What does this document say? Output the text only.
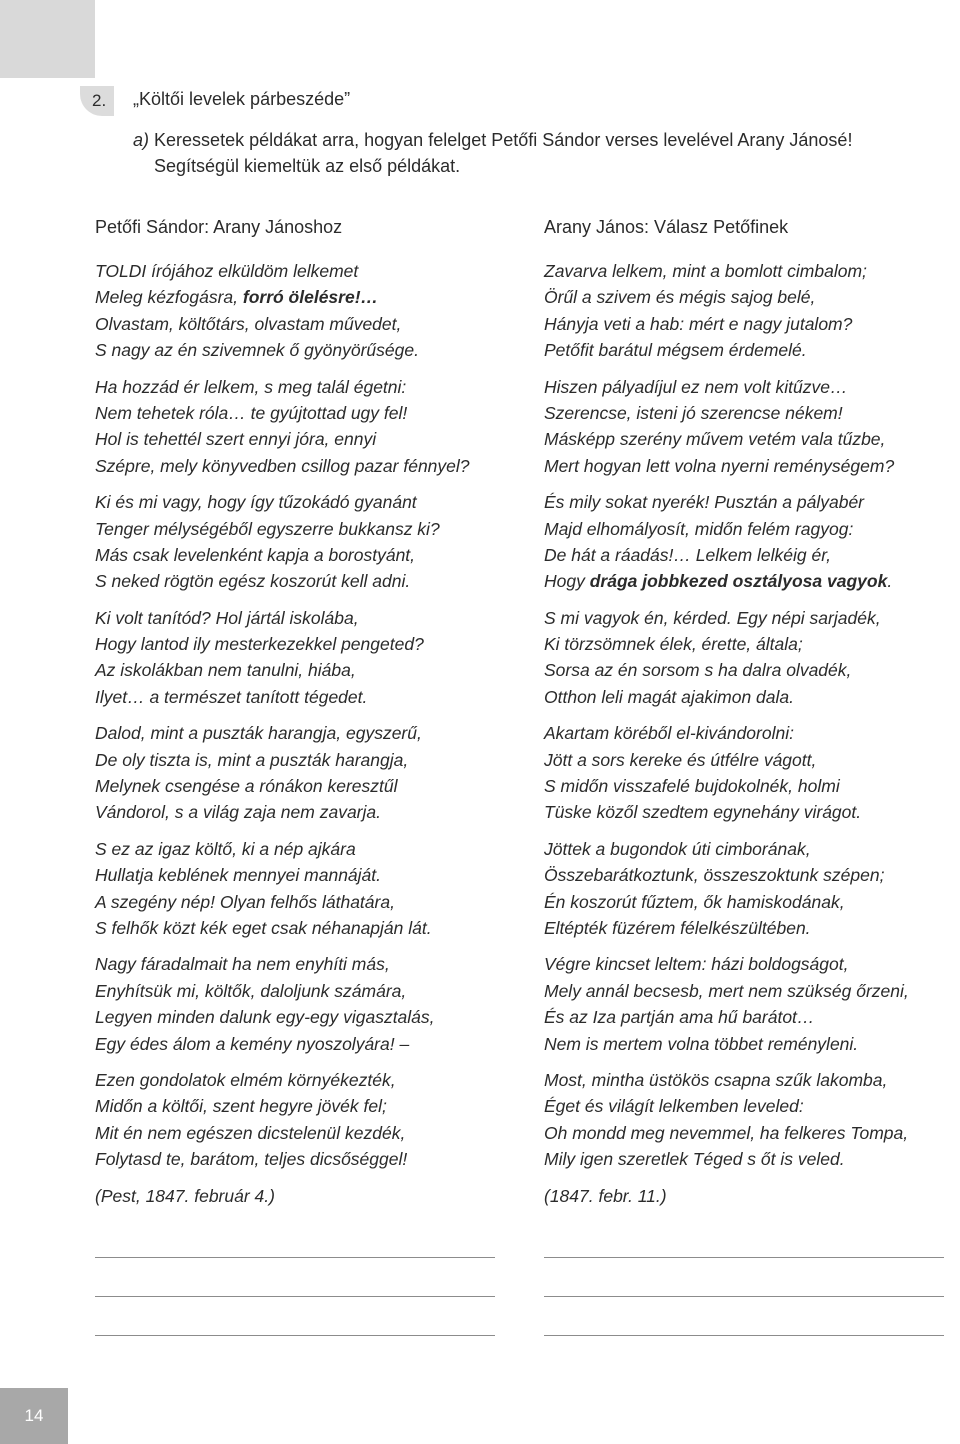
2.	„Költői levelek párbeszéde”
a) Keressetek példákat arra, hogyan felelget Petőfi Sándor verses levelével Arany Jánosé!
Segítségül kiemeltük az első példákat.
Petőfi Sándor: Arany Jánoshoz
TOLDI írójához elküldöm lelkemet
Meleg kézfogásra, forró ölelésre!…
Olvastam, költőtárs, olvastam művedet,
S nagy az én szivemnek ő gyönyörűsége.
Ha hozzád ér lelkem, s meg talál égetni:
Nem tehetek róla… te gyújtottad ugy fel!
Hol is tehettél szert ennyi jóra, ennyi
Szépre, mely könyvedben csillog pazar fénnyel?
Ki és mi vagy, hogy így tűzokádó gyanánt
Tenger mélységéből egyszerre bukkansz ki?
Más csak levelenként kapja a borostyánt,
S neked rögtön egész koszorút kell adni.
Ki volt tanítód? Hol jártál iskolába,
Hogy lantod ily mesterkezekkel pengeted?
Az iskolákban nem tanulni, hiába,
Ilyet… a természet tanított tégedet.
Dalod, mint a puszták harangja, egyszerű,
De oly tiszta is, mint a puszták harangja,
Melynek csengése a rónákon keresztűl
Vándorol, s a világ zaja nem zavarja.
S ez az igaz költő, ki a nép ajkára
Hullatja keblének mennyei mannáját.
A szegény nép! Olyan felhős láthatára,
S felhők közt kék eget csak néhanapján lát.
Nagy fáradalmait ha nem enyhíti más,
Enyhítsük mi, költők, daloljunk számára,
Legyen minden dalunk egy-egy vigasztalás,
Egy édes álom a kemény nyoszolyára! –
Ezen gondolatok elmém környékezték,
Midőn a költői, szent hegyre jövék fel;
Mit én nem egészen dicstelenül kezdék,
Folytasd te, barátom, teljes dicsőséggel!
(Pest, 1847. február 4.)
Arany János: Válasz Petőfinek
Zavarva lelkem, mint a bomlott cimbalom;
Örűl a szivem és mégis sajog belé,
Hányja veti a hab: mért e nagy jutalom?
Petőfit barátul mégsem érdemelé.
Hiszen pályadíjul ez nem volt kitűzve…
Szerencse, isteni jó szerencse nékem!
Másképp szerény művem vetém vala tűzbe,
Mert hogyan lett volna nyerni reménységem?
És mily sokat nyerék! Pusztán a pályabér
Majd elhomályosít, midőn felém ragyog:
De hát a ráadás!… Lelkem lelkéig ér,
Hogy drága jobbkezed osztályosa vagyok.
S mi vagyok én, kérded. Egy népi sarjadék,
Ki törzsömnek élek, érette, általa;
Sorsa az én sorsom s ha dalra olvadék,
Otthon leli magát ajakimon dala.
Akartam köréből el-kivándorolni:
Jött a sors kereke és útfélre vágott,
S midőn visszafelé bujdokolnék, holmi
Tüske közől szedtem egynehány virágot.
Jöttek a bugondok úti cimborának,
Összebarátkoztunk, összeszoktunk szépen;
Én koszorút fűztem, ők hamiskodának,
Eltépték füzérem félelkészültében.
Végre kincset leltem: házi boldogságot,
Mely annál becsesb, mert nem szükség őrzeni,
És az Iza partján ama hű barátot…
Nem is mertem volna többet reményleni.
Most, mintha üstökös csapna szűk lakomba,
Éget és világít lelkemben leveled:
Oh mondd meg nevemmel, ha felkeres Tompa,
Mily igen szeretlek Téged s őt is veled.
(1847. febr. 11.)
14
